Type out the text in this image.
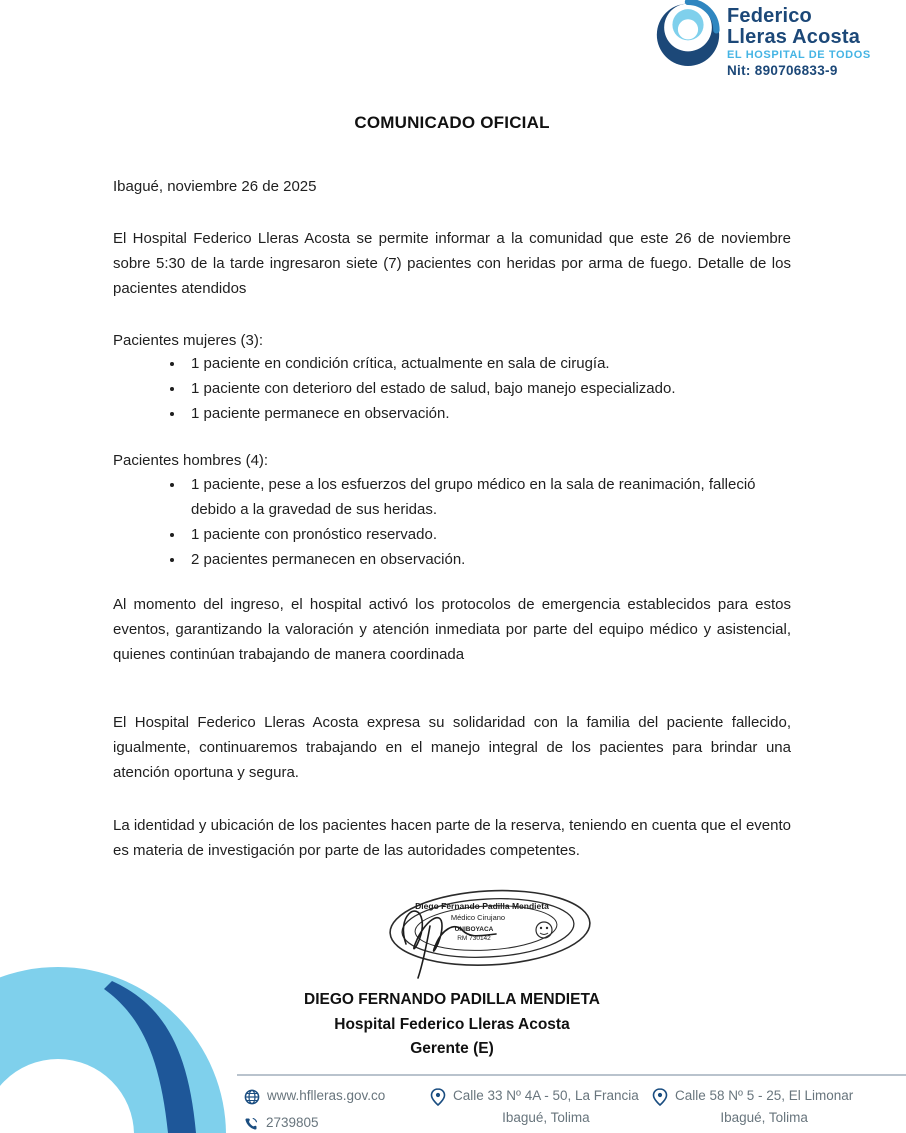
Federico
Lleras Acosta
EL HOSPITAL DE TODOS
Nit: 890706833-9
COMUNICADO OFICIAL
Ibagué, noviembre 26 de 2025
El Hospital Federico Lleras Acosta se permite informar a la comunidad que este 26 de noviembre sobre 5:30 de la tarde ingresaron siete (7) pacientes con heridas por arma de fuego. Detalle de los pacientes atendidos
Pacientes mujeres (3):
• 1 paciente en condición crítica, actualmente en sala de cirugía.
• 1 paciente con deterioro del estado de salud, bajo manejo especializado.
• 1 paciente permanece en observación.
Pacientes hombres (4):
• 1 paciente, pese a los esfuerzos del grupo médico en la sala de reanimación, falleció debido a la gravedad de sus heridas.
• 1 paciente con pronóstico reservado.
• 2 pacientes permanecen en observación.
Al momento del ingreso, el hospital activó los protocolos de emergencia establecidos para estos eventos, garantizando la valoración y atención inmediata por parte del equipo médico y asistencial, quienes continúan trabajando de manera coordinada
El Hospital Federico Lleras Acosta expresa su solidaridad con la familia del paciente fallecido, igualmente, continuaremos trabajando en el manejo integral de los pacientes para brindar una atención oportuna y segura.
La identidad y ubicación de los pacientes hacen parte de la reserva, teniendo en cuenta que el evento es materia de investigación por parte de las autoridades competentes.
Diego Fernando Padilla Mendieta
Médico Cirujano
UNIBOYACA
RM 730142
DIEGO FERNANDO PADILLA MENDIETA
Hospital Federico Lleras Acosta
Gerente (E)
www.hflleras.gov.co
2739805
Calle 33 Nº 4A - 50, La Francia
Ibagué, Tolima
Calle 58 Nº 5 - 25, El Limonar
Ibagué, Tolima
